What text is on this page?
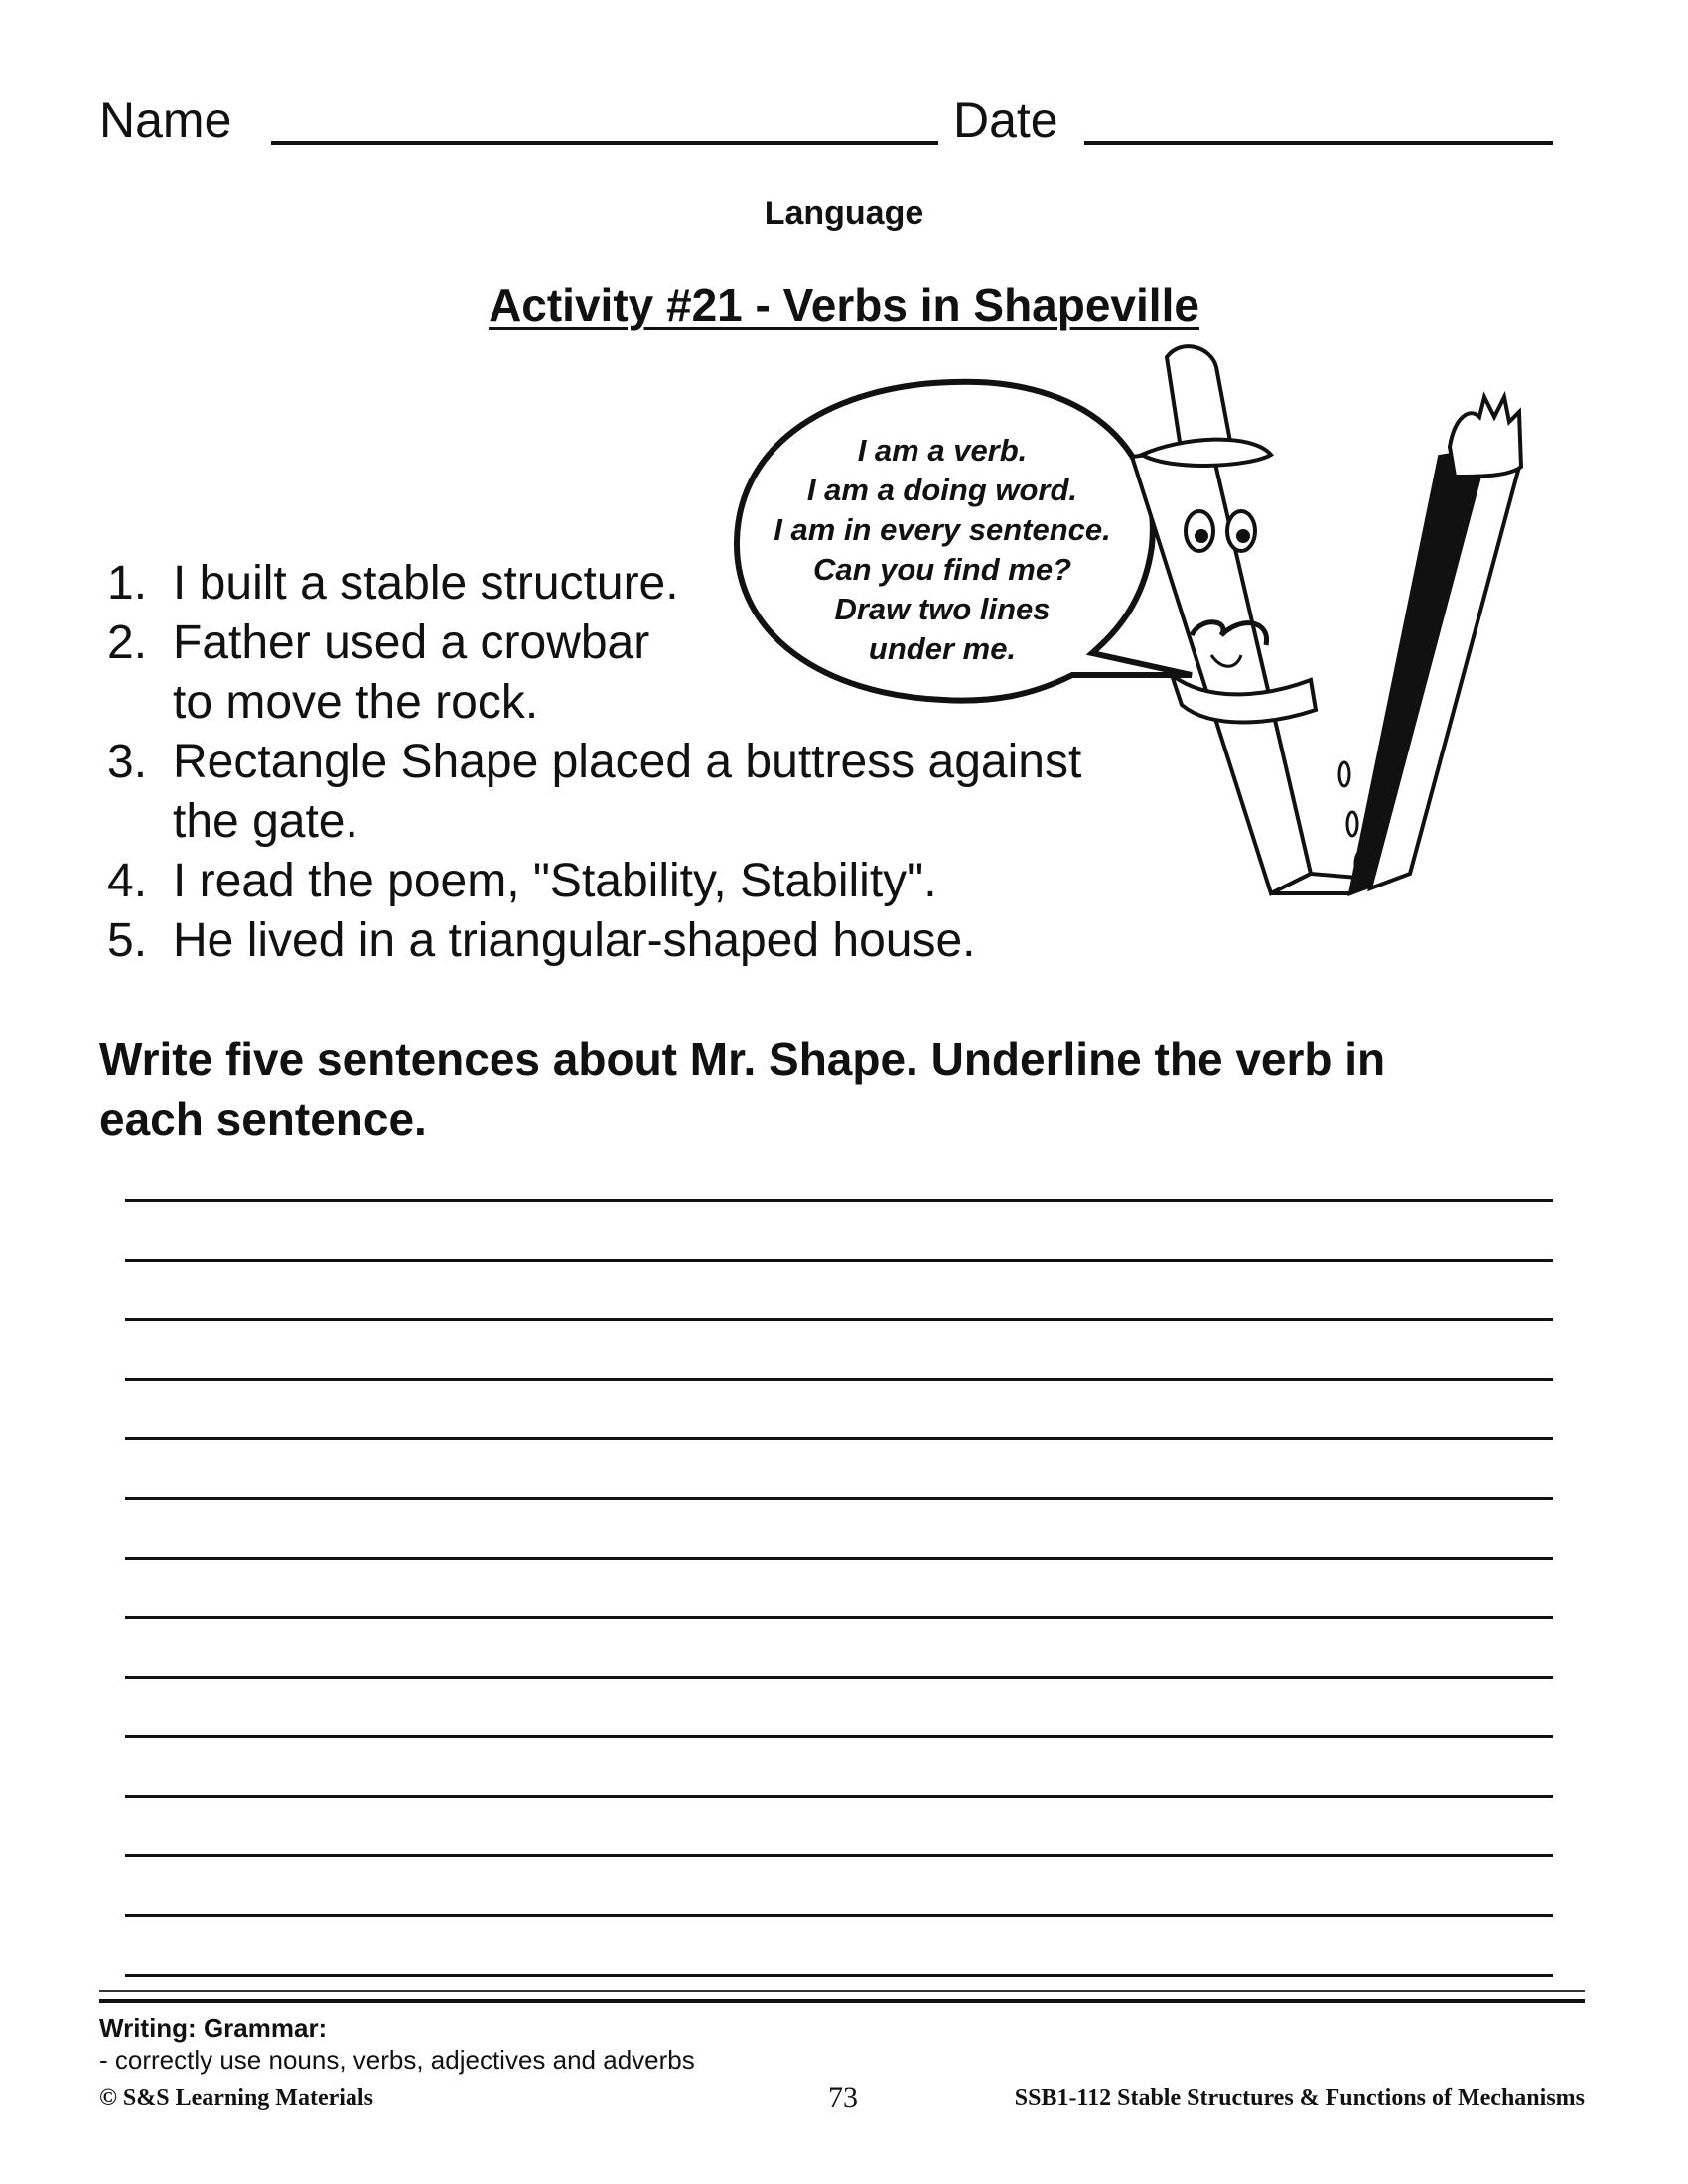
Name	Date
Language
Activity #21 - Verbs in Shapeville
I am a verb.
I am a doing word.
I am in every sentence.
Can you find me?
Draw two lines
under me.
1. I built a stable structure.
2. Father used a crowbar
to move the rock.
3. Rectangle Shape placed a buttress against
the gate.
4. I read the poem, "Stability, Stability".
5. He lived in a triangular-shaped house.
Write five sentences about Mr. Shape. Underline the verb in
each sentence.
Writing: Grammar:
- correctly use nouns, verbs, adjectives and adverbs
© S&S Learning Materials	73	SSB1-112 Stable Structures & Functions of Mechanisms
